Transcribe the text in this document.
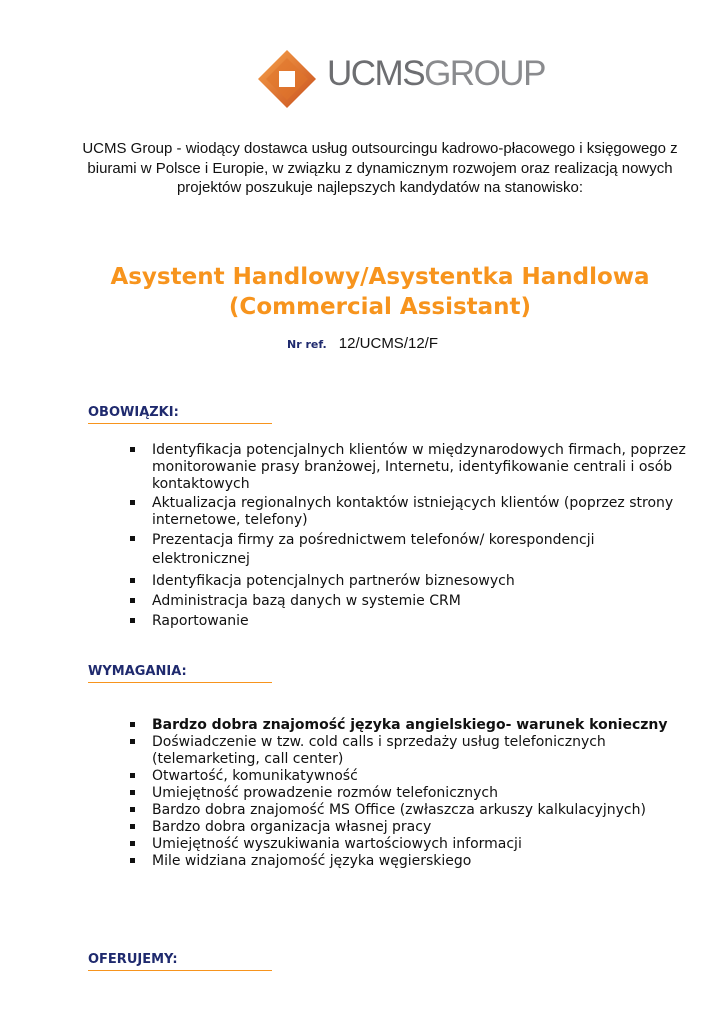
UCMSGROUP
UCMS Group - wiodący dostawca usług outsourcingu kadrowo-płacowego i księgowego z biurami w Polsce i Europie, w związku z dynamicznym rozwojem oraz realizacją nowych projektów poszukuje najlepszych kandydatów na stanowisko:
Asystent Handlowy/Asystentka Handlowa
(Commercial Assistant)
Nr ref. 12/UCMS/12/F
OBOWIĄZKI:
Identyfikacja potencjalnych klientów w międzynarodowych firmach, poprzez monitorowanie prasy branżowej, Internetu, identyfikowanie centrali i osób kontaktowych
Aktualizacja regionalnych kontaktów istniejących klientów (poprzez strony internetowe, telefony)
Prezentacja firmy za pośrednictwem telefonów/ korespondencji elektronicznej
Identyfikacja potencjalnych partnerów biznesowych
Administracja bazą danych w systemie CRM
Raportowanie
WYMAGANIA:
Bardzo dobra znajomość języka angielskiego- warunek konieczny
Doświadczenie w tzw. cold calls i sprzedaży usług telefonicznych (telemarketing, call center)
Otwartość, komunikatywność
Umiejętność prowadzenie rozmów telefonicznych
Bardzo dobra znajomość MS Office (zwłaszcza arkuszy kalkulacyjnych)
Bardzo dobra organizacja własnej pracy
Umiejętność wyszukiwania wartościowych informacji
Mile widziana znajomość języka węgierskiego
OFERUJEMY:
